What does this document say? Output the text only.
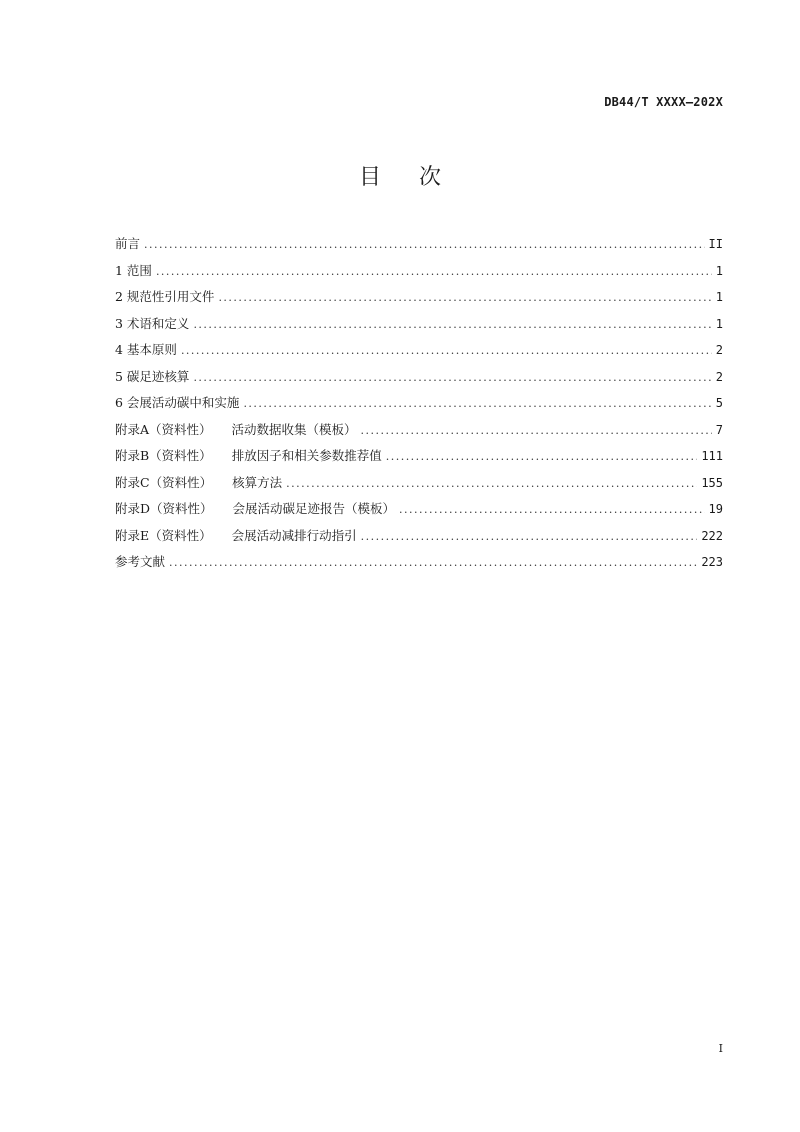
DB44/T XXXX—202X
目次
前言 .....	II
1 范围 .....	1
2 规范性引用文件 .....	1
3 术语和定义 .....	1
4 基本原则 .....	2
5 碳足迹核算 .....	2
6 会展活动碳中和实施 .....	5
附录A（资料性） 活动数据收集（模板） .....	7
附录B（资料性） 排放因子和相关参数推荐值 .....	111
附录C（资料性） 核算方法 .....	155
附录D（资料性） 会展活动碳足迹报告（模板） .....	19
附录E（资料性） 会展活动减排行动指引 .....	222
参考文献 .....	223
I
